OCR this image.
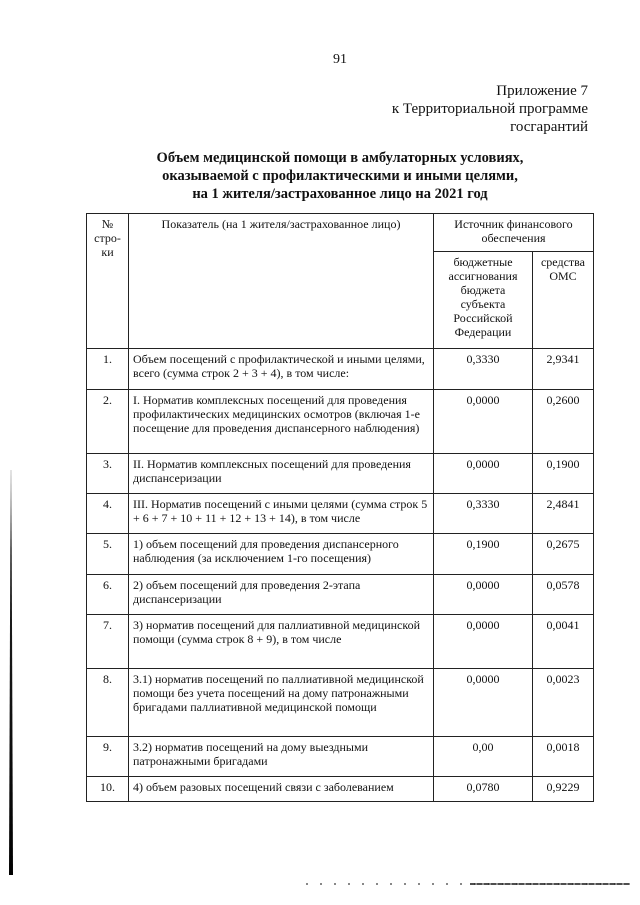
91
Приложение 7
к Территориальной программе
госгарантий
Объем медицинской помощи в амбулаторных условиях,
оказываемой с профилактическими и иными целями,
на 1 жителя/застрахованное лицо на 2021 год
№ стро-ки	Показатель (на 1 жителя/застрахованное лицо)	Источник финансового обеспечения	
		бюджетные ассигнования бюджета субъекта Российской Федерации	средства ОМС
1.	Объем посещений с профилактической и иными целями, всего (сумма строк 2 + 3 + 4), в том числе:	0,3330	2,9341
2.	I. Норматив комплексных посещений для проведения профилактических медицинских осмотров (включая 1-е посещение для проведения диспансерного наблюдения)	0,0000	0,2600
3.	II. Норматив комплексных посещений для проведения диспансеризации	0,0000	0,1900
4.	III. Норматив посещений с иными целями (сумма строк 5 + 6 + 7 + 10 + 11 + 12 + 13 + 14), в том числе	0,3330	2,4841
5.	1) объем посещений для проведения диспансерного наблюдения (за исключением 1-го посещения)	0,1900	0,2675
6.	2) объем посещений для проведения 2-этапа диспансеризации	0,0000	0,0578
7.	3) норматив посещений для паллиативной медицинской помощи (сумма строк 8 + 9), в том числе	0,0000	0,0041
8.	3.1) норматив посещений по паллиативной медицинской помощи без учета посещений на дому патронажными бригадами паллиативной медицинской помощи	0,0000	0,0023
9.	3.2) норматив посещений на дому выездными патронажными бригадами	0,00	0,0018
10.	4) объем разовых посещений связи с заболеванием	0,0780	0,9229
